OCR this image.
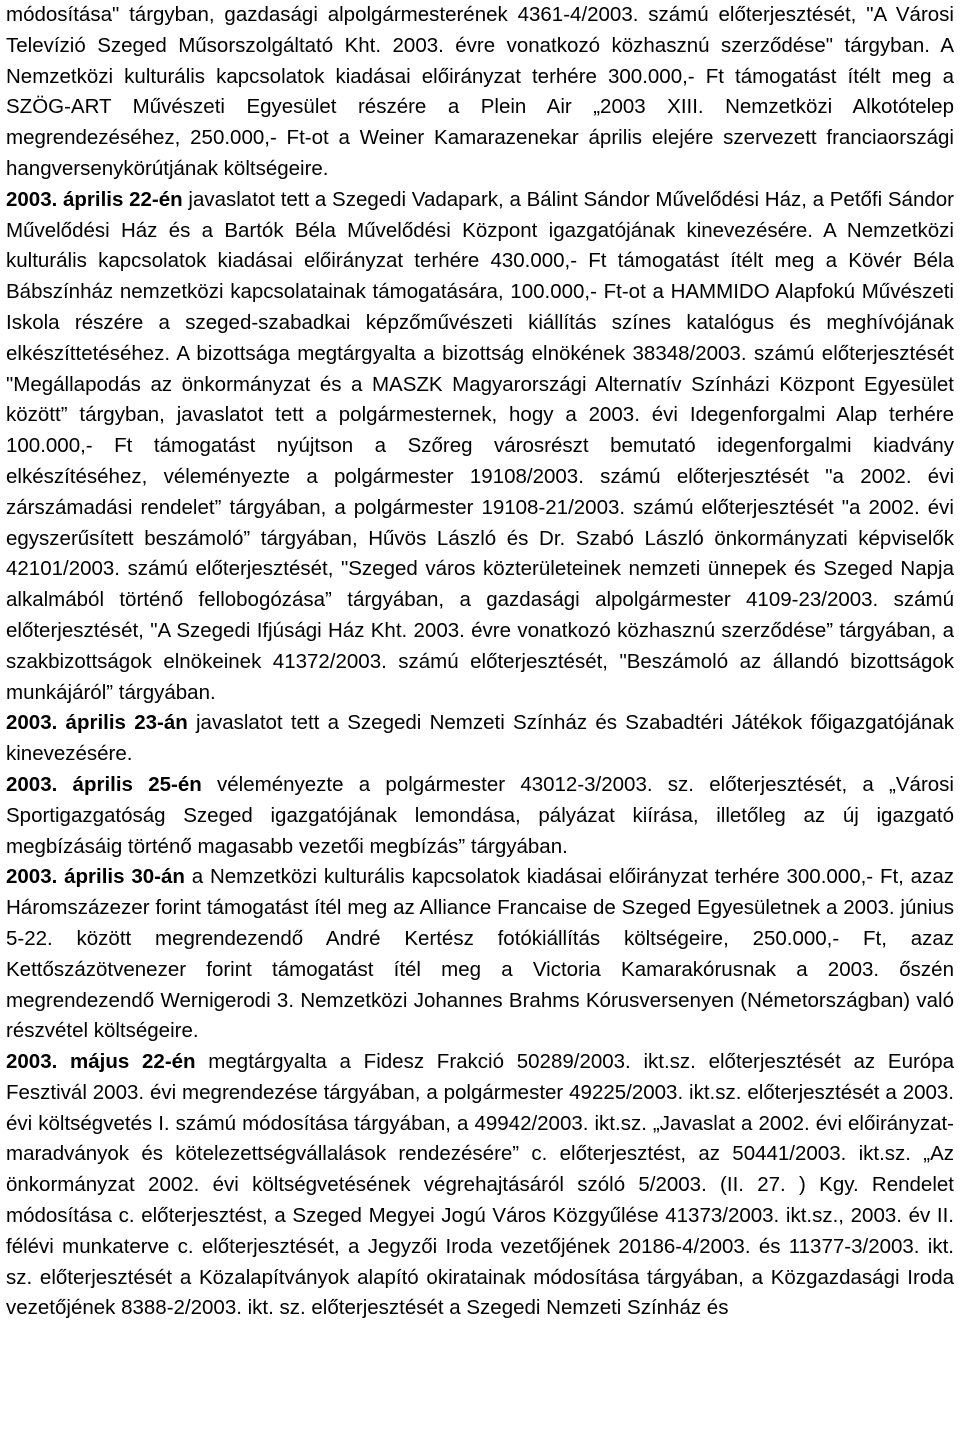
módosítása" tárgyban, gazdasági alpolgármesterének 4361-4/2003. számú előterjesztését, "A Városi Televízió Szeged Műsorszolgáltató Kht. 2003. évre vonatkozó közhasznú szerződése" tárgyban. A Nemzetközi kulturális kapcsolatok kiadásai előirányzat terhére 300.000,- Ft támogatást ítélt meg a SZÖG-ART Művészeti Egyesület részére a Plein Air „2003 XIII. Nemzetközi Alkotótelep megrendezéséhez, 250.000,- Ft-ot a Weiner Kamarazenekar április elejére szervezett franciaországi hangversenykörútjának költségeire.

2003. április 22-én javaslatot tett a Szegedi Vadapark, a Bálint Sándor Művelődési Ház, a Petőfi Sándor Művelődési Ház és a Bartók Béla Művelődési Központ igazgatójának kinevezésére. A Nemzetközi kulturális kapcsolatok kiadásai előirányzat terhére 430.000,- Ft támogatást ítélt meg a Kövér Béla Bábszínház nemzetközi kapcsolatainak támogatására, 100.000,- Ft-ot a HAMMIDO Alapfokú Művészeti Iskola részére a szeged-szabadkai képzőművészeti kiállítás színes katalógus és meghívójának elkészíttetéséhez. A bizottsága megtárgyalta a bizottság elnökének 38348/2003. számú előterjesztését "Megállapodás az önkormányzat és a MASZK Magyarországi Alternatív Színházi Központ Egyesület között” tárgyban, javaslatot tett a polgármesternek, hogy a 2003. évi Idegenforgalmi Alap terhére 100.000,- Ft támogatást nyújtson a Szőreg városrészt bemutató idegenforgalmi kiadvány elkészítéséhez, véleményezte a polgármester 19108/2003. számú előterjesztését "a 2002. évi zárszámadási rendelet” tárgyában, a polgármester 19108-21/2003. számú előterjesztését "a 2002. évi egyszerűsített beszámoló” tárgyában, Hűvös László és Dr. Szabó László önkormányzati képviselők 42101/2003. számú előterjesztését, "Szeged város közterületeinek nemzeti ünnepek és Szeged Napja alkalmából történő fellobogózása” tárgyában, a gazdasági alpolgármester 4109-23/2003. számú előterjesztését, "A Szegedi Ifjúsági Ház Kht. 2003. évre vonatkozó közhasznú szerződése” tárgyában, a szakbizottságok elnökeinek 41372/2003. számú előterjesztését, "Beszámoló az állandó bizottságok munkájáról” tárgyában.

2003. április 23-án javaslatot tett a Szegedi Nemzeti Színház és Szabadtéri Játékok főigazgatójának kinevezésére.

2003. április 25-én véleményezte a polgármester 43012-3/2003. sz. előterjesztését, a „Városi Sportigazgatóság Szeged igazgatójának lemondása, pályázat kiírása, illetőleg az új igazgató megbízásáig történő magasabb vezetői megbízás” tárgyában.

2003. április 30-án a Nemzetközi kulturális kapcsolatok kiadásai előirányzat terhére 300.000,- Ft, azaz Háromszázezer forint támogatást ítél meg az Alliance Francaise de Szeged Egyesületnek a 2003. június 5-22. között megrendezendő André Kertész fotókiállítás költségeire, 250.000,- Ft, azaz Kettőszázötvenezer forint támogatást ítél meg a Victoria Kamarakórusnak a 2003. őszén megrendezendő Wernigerodi 3. Nemzetközi Johannes Brahms Kórusversenyen (Németországban) való részvétel költségeire.

2003. május 22-én megtárgyalta a Fidesz Frakció 50289/2003. ikt.sz. előterjesztését az Európa Fesztivál 2003. évi megrendezése tárgyában, a polgármester 49225/2003. ikt.sz. előterjesztését a 2003. évi költségvetés I. számú módosítása tárgyában, a 49942/2003. ikt.sz. „Javaslat a 2002. évi előirányzat-maradványok és kötelezettségvállalások rendezésére” c. előterjesztést, az 50441/2003. ikt.sz. „Az önkormányzat 2002. évi költségvetésének végrehajtásáról szóló 5/2003. (II. 27. ) Kgy. Rendelet módosítása c. előterjesztést, a Szeged Megyei Jogú Város Közgyűlése 41373/2003. ikt.sz., 2003. év II. félévi munkaterve c. előterjesztését, a Jegyzői Iroda vezetőjének 20186-4/2003. és 11377-3/2003. ikt. sz. előterjesztését a Közalapítványok alapító okiratainak módosítása tárgyában, a Közgazdasági Iroda vezetőjének 8388-2/2003. ikt. sz. előterjesztését a Szegedi Nemzeti Színház és
